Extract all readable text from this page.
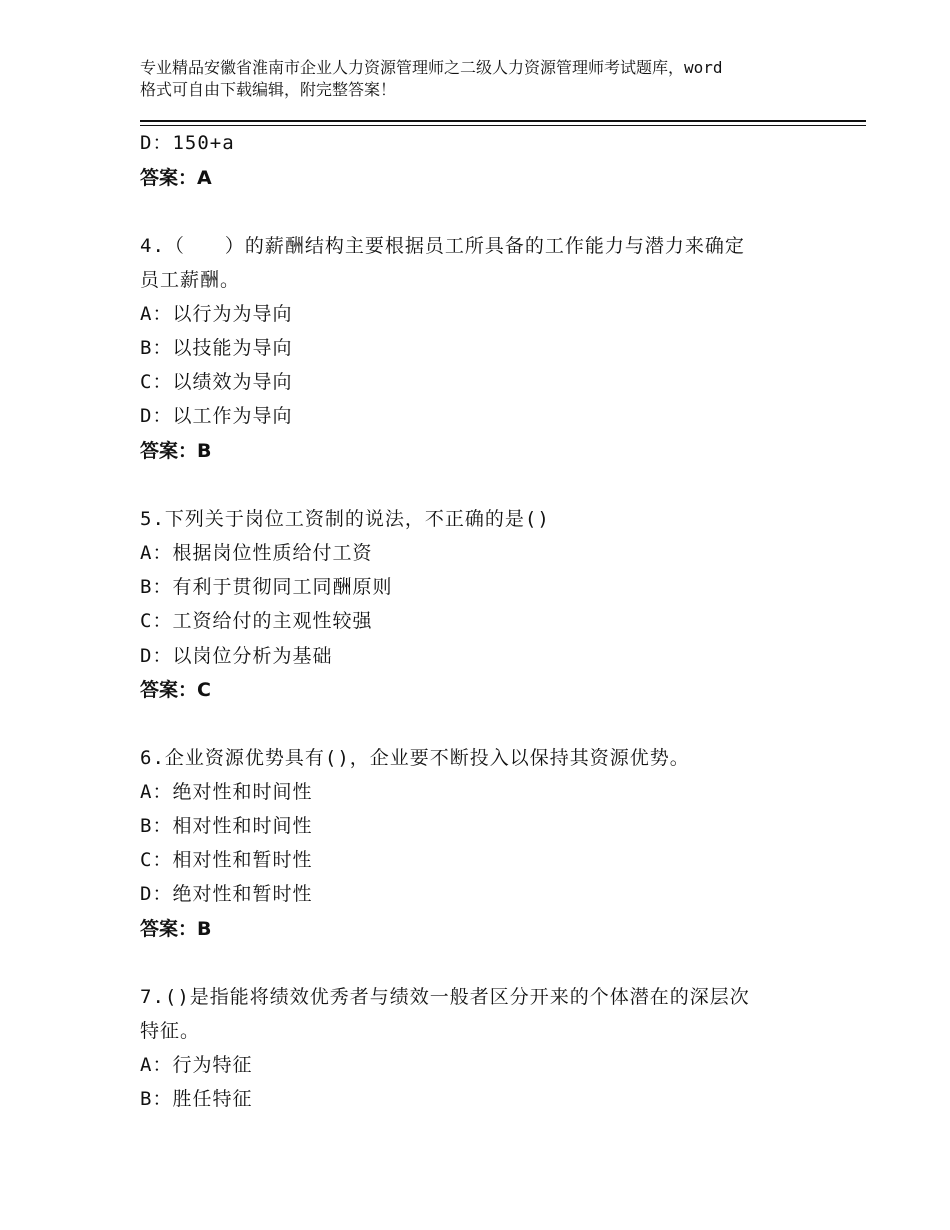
专业精品安徽省淮南市企业人力资源管理师之二级人力资源管理师考试题库，word
格式可自由下载编辑，附完整答案！
D：150+a
答案：A
4.（　　）的薪酬结构主要根据员工所具备的工作能力与潜力来确定
员工薪酬。
A：以行为为导向
B：以技能为导向
C：以绩效为导向
D：以工作为导向
答案：B
5.下列关于岗位工资制的说法，不正确的是()
A：根据岗位性质给付工资
B：有利于贯彻同工同酬原则
C：工资给付的主观性较强
D：以岗位分析为基础
答案：C
6.企业资源优势具有()，企业要不断投入以保持其资源优势。
A：绝对性和时间性
B：相对性和时间性
C：相对性和暂时性
D：绝对性和暂时性
答案：B
7.()是指能将绩效优秀者与绩效一般者区分开来的个体潜在的深层次
特征。
A：行为特征
B：胜任特征
